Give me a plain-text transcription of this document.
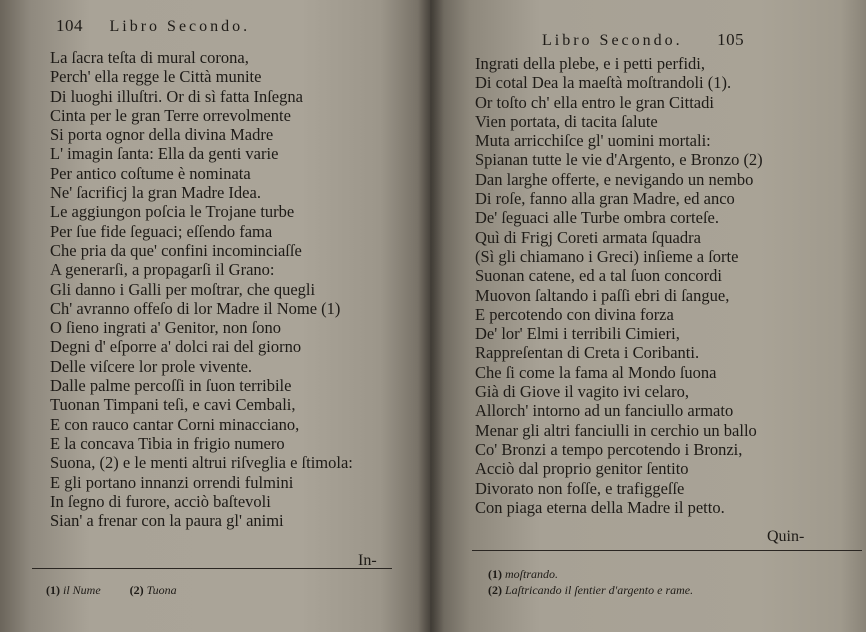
104 Libro Secondo.
La ſacra teſta di mural corona,
Perch' ella regge le Città munite
Di luoghi illuſtri. Or di sì fatta Inſegna
Cinta per le gran Terre orrevolmente
Si porta ognor della divina Madre
L' imagin ſanta: Ella da genti varie
Per antico coſtume è nominata
Ne' ſacrificj la gran Madre Idea.
Le aggiungon poſcia le Trojane turbe
Per ſue fide ſeguaci; eſſendo fama
Che pria da que' confini incominciaſſe
A generarſi, a propagarſi il Grano:
Gli danno i Galli per moſtrar, che quegli
Ch' avranno offeſo di lor Madre il Nome (1)
O ſieno ingrati a' Genitor, non ſono
Degni d' eſporre a' dolci rai del giorno
Delle viſcere lor prole vivente.
Dalle palme percoſſi in ſuon terribile
Tuonan Timpani teſi, e cavi Cembali,
E con rauco cantar Corni minacciano,
E la concava Tibia in frigio numero
Suona, (2) e le menti altrui riſveglia e ſtimola:
E gli portano innanzi orrendi fulmini
In ſegno di furore, acciò baſtevoli
Sian' a frenar con la paura gl' animi
In-
(1) il Nume (2) Tuona
Libro Secondo. 105
Ingrati della plebe, e i petti perfidi,
Di cotal Dea la maeſtà moſtrandoli (1).
Or toſto ch' ella entro le gran Cittadi
Vien portata, di tacita ſalute
Muta arricchiſce gl' uomini mortali:
Spianan tutte le vie d'Argento, e Bronzo (2)
Dan larghe offerte, e nevigando un nembo
Di roſe, fanno alla gran Madre, ed anco
De' ſeguaci alle Turbe ombra corteſe.
Quì di Frigj Coreti armata ſquadra
(Sì gli chiamano i Greci) inſieme a ſorte
Suonan catene, ed a tal ſuon concordi
Muovon ſaltando i paſſi ebri di ſangue,
E percotendo con divina forza
De' lor' Elmi i terribili Cimieri,
Rappreſentan di Creta i Coribanti.
Che ſi come la fama al Mondo ſuona
Già di Giove il vagito ivi celaro,
Allorch' intorno ad un fanciullo armato
Menar gli altri fanciulli in cerchio un ballo
Co' Bronzi a tempo percotendo i Bronzi,
Acciò dal proprio genitor ſentito
Divorato non foſſe, e trafiggeſſe
Con piaga eterna della Madre il petto.
Quin-
(1) moſtrando.
(2) Laſtricando il ſentier d'argento e rame.
